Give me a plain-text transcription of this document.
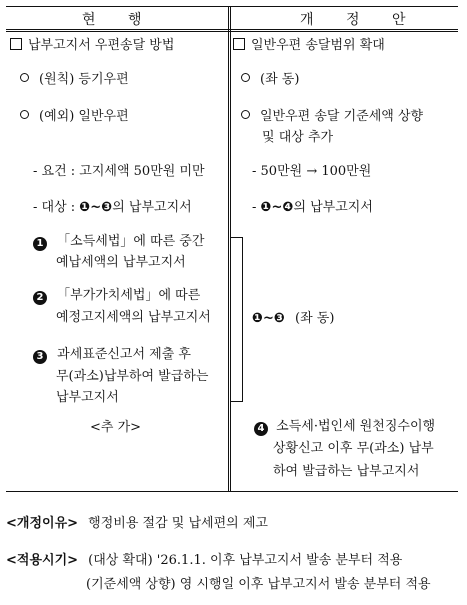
현 행	개 정 안
납부고지서 우편송달 방법
(원칙) 등기우편
(예외) 일반우편
- 요건 : 고지세액 50만원 미만
- 대상 : ❶~❸의 납부고지서
1 「소득세법」에 따른 중간
예납세액의 납부고지서
2 「부가가치세법」에 따른
예정고지세액의 납부고지서
3 과세표준신고서 제출 후
무(과소)납부하여 발급하는
납부고지서
<추 가>
일반우편 송달범위 확대
(좌 동)
일반우편 송달 기준세액 상향
및 대상 추가
- 50만원 → 100만원
- ❶~❹의 납부고지서
❶~❸ (좌 동)
4 소득세·법인세 원천징수이행
상황신고 이후 무(과소) 납부
하여 발급하는 납부고지서
<개정이유> 행정비용 절감 및 납세편의 제고
<적용시기> (대상 확대) '26.1.1. 이후 납부고지서 발송 분부터 적용
(기준세액 상향) 영 시행일 이후 납부고지서 발송 분부터 적용
